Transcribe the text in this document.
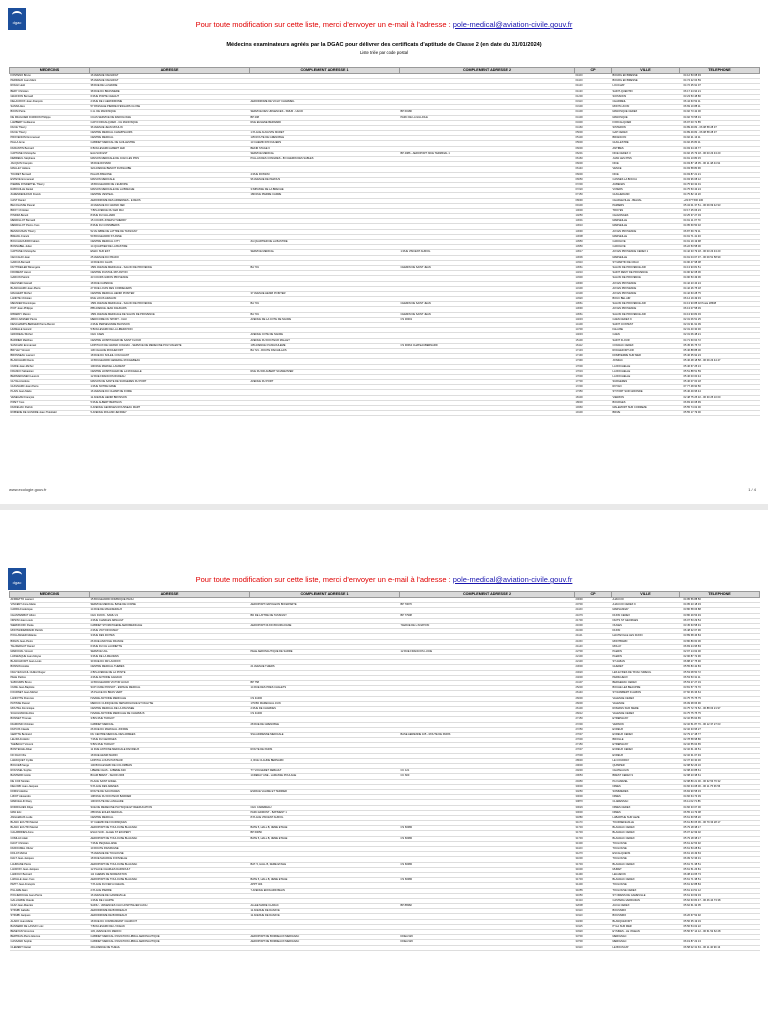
dgac	Pour toute modification sur cette liste, merci d'envoyer un e-mail à l'adresse : pole-medical@aviation-civile.gouv.fr
Médecins examinateurs agréés par la DGAC pour délivrer des certificats d'aptitude de Classe 2 (en date du 31/01/2024)
Liste triée par code postal
MEDECINS	ADRESSE	COMPLEMENT ADRESSE 1	COMPLEMENT ADRESSE 2	CP	VILLE	TELEPHONE
FONTENO Bruno	16 AVENUE VAUGRIGT			01100	BOURG EN BRESSE	04 12 53 08 93
PERRAUD Jean-Marc	35 AVENUE VAUGRIGT			01100	BOURG EN BRESSE	04 74 22 04 59
ROUHI Hedi	38 RUE DE LA MAIRIE			01120	LOUCHAT	04 72 25 91 07
BERY Christian	38 RUE DU BRASSIERE			01130	SAINT-QUENTIN	06 17 24 94 21
GRAFFON Bernard	6 RUE PORTE CHEAUT			01200	SOISSONS	03 23 53 48 80
DELACROIX Jean-François	2 RUE DE L'AERODROME	AERODROME DE VICHY CHARMEIL		03110	CHARMEIL	06 44 63 52 11
SANNA Alex	57 PASSAGE PIERRE D'ESGARS CLOSE			03100	MONTLUCON	06 69 10 88 11
BOOM Petra	C.H. DE MANOSQUE	SERVICE DES URGENCES - SMUR - UHCD	BP 60180	04100	MANOSQUE CEDEX	04 92 73 42 00
DE FRAGUIER D'ARDON Philippe	CCAS SERVICE DE RADIOLOGIE	BP 208	PARC DE LA GILLIOLE	04100	MANOSQUE	04 92 70 58 01
LAMBERT Guillaume	CAPI FORCALQUIER - CH MANOSQUE	RUE EUGENE BERNARD		04300	FORCALQUIER	06 97 03 72 85
DUCE Thierry	36 AVENUE JEAN MOULIN			04160	SISTERON	04 89 49 82 - 06 08 58 28 37
DUCE Thierry	CENTRE MEDICAL CHAMPSAURS	1 PLACE AUGUSTE MURET		05000	GAP CEDEX	04 89 49 82 - 06 08 58 28 37
PROVENCINI Emmanuel	CENTRE MEDICAL	135 ROUTE DE GRENOBLE		05100	BRIANCON	04 92 21 13 11
PALLA Anne	CABINET MEDICAL DE GUILLESTRE	13 CHEMIN D'IFOULIERS		05600	GUILLESTRE	04 92 45 80 11
DURANTIN Bernard	6 BOULEVARD ALBERT 1ER	BEKIR STAGE 6		06000	ANTIBES	04 93 34 46 77
CAPTANE Christophe	EAA SUD EST	SERVICE MEDICAL	BP 4086 - AEROPORT NICE TERMINAL 1	06201	NICE CEDEX 3	04 92 15 79 18 - 06 03 23 43 20
DEBREUIL Stéphane	MAISON MEDICALE DE JUAN LES PINS	PULLAN DES CONGRES - 80 CHEMIN DES SABLES		06160	JUAN LES PINS	04 91 13 80 15
JACQUIN François	38 RUE ROSSINI			06000	NICE	04 93 87 18 05 - 06 11 48 44 91
MAILLEY Hélène	324 AVENUE BENOIT DUSSAUBE			06140	VENCE	04 93 58 80 96
TOURET Bernard	PALAIS BISHONE	4 RUE ROSSINI		06000	NICE	04 93 87 21 21
ESTEVE Emmanuel	MAISON MEDICALE	96 AVENUE DE PEZOUS		06650	CANNES LA BOCCA	04 93 96 08 12
PIERRE D'INDEPTEL Thierry	18 BOULEVARD DE L'EUROPE			07200	AUBENAS	04 75 93 32 01
RABOUILLE Daniel	MAISON MEDICALE DE LA BRECHE	3 IMPASSE DE LA BRECHE		07220	VIVIERS	04 75 53 43 24
ZAZENDENHOUR Franck	CENTRE VESTEAL	180 RUE PIERRE CADRE		07150	GUILHERAND	04 75 82 13 20
CAST Daniel	AERODROME DES ARDENNES - E REOS			08090	CHARLEVILLE - BELVAL	+33 677 500 230
BECOLASSE Pascal	40 AVENUE DU GRAND NEF			09100	PAMIERS	05 34 01 37 51 - 06 09 69 42 93
BROY Christian	7 BIS AVENUE DU 1ER MAI			10000	TROYES	03 17 25 06 23
PINDRA Benoit	8 RUE DU GILLIARD			10250	CHAVANGES	03 25 37 27 03
MENDILLOT Bernard	15 COURS JOSEPH THIERRY			13001	MARSEILLE	04 91 11 37 70
MENDILLOT Pierre-Yves	8 RUE DU CONNIBERIS			13010	MARSEILLE	04 95 60 50 32
BENNOUSAN Thierry	52 AV ABBE DE LATTRE DE TASSIGNY			13090	AIX EN PROVENCE	06 87 69 79 11
BREVAL Franck	50 BOULEVARD ST ANNE			13008	MARSEILLE	04 91 71 41 46
BOUCHAOUDIRI Fabien	CENTRE MEDICAL CITY	ZA QUARTIER DE LA BASTIDE		13950	CADOLIVE	04 91 19 19 98
BONNABEL Julien	14 QUARTIER DE LA BASTIDE			13950	CADOLIVE	06 22 53 58 00
CAPTANE Christophe	EMAC SUD EST	SERVICE MEDICAL	1 RUE VINCENT AURIOL	13617	AIX EN PROVENCE CEDEX 1	04 42 33 79 18 - 06 03 23 43 20
CECCALDI Jean	25 AVENUE DU PRADO			13006	MARSEILLE	04 91 04 07 07 - 06 09 51 58 99
GARCIA Bernard	10 RUE DU GLAIS			13310	ST MARTIN DE CRAU	04 90 47 98 08
DUTTWEILER Bérengère	1581 AVENUE MEDICALE - SALON DE PROVENCE	BA 701	CHEMIN DE SAINT JEAN	13661	SALON DE PROVENCE AIR	04 13 93 81 51
FROMENT Hervé	CENTRE D'ASTAIL RIP ANTON			13210	SAINT REMY DE PROVENCE	04 90 92 08 06
GARCIN Patrick	43 COURS GIMON PROVENCE			13300	SALON DE PROVENCE	04 90 53 49 06
DELISSEN Gérard	18 RUE CAPENCE			13090	AIX EN PROVENCE	04 42 23 43 24
BLANCHARD Jean-Pierre	27 RUE LOUIS DES CORDELIERS			13100	AIX EN PROVENCE	04 42 26 75 18
MACHERT Michel	CENTRE MEDICAL HENRI POINTER	37 AVENUE HENRI POINTER		13100	AIX EN PROVENCE	04 42 63 28 75
LANDTE Christian	RUE LOUIS ARAGON			13320	BOUC BEL AIR	06 14 19 49 33
MEUNIER Dominique	1581 AVENUE MEDICALE - SALON DE PROVENCE	BA 701	CHEMIN DE SAINT JEAN	13661	SALON DE PROVENCE AIR	04 13 93 88 02 Poste 28608
PIOT Jean-Philippe	885 AVENUE JEAN DAUDARS			13090	AIX EN PROVENCE	06 13 07 58 39
RIBARDY Marion	1581 AVENUE MEDICALE DE SALON DE PROVENCE	BA 701	CHEMIN DE SAINT JEAN	13661	SALON DE PROVENCE AIR	04 13 93 82 03
ABOU-NASSER Pierre	MEDICOME DU SPORT - CHU	AVENUE DE LA COTE DE NACRE	CS 30001	14033	CAEN CEDEX 9	02 31 06 51 25
DESCHAMPS-BERGER Pierre-Benoit	2 RUE PERSEVANDE BLOSSON			14100	SAINT CONTEST	02 31 91 91 09
HURELLE Gérard	5 BOULEVARD DE LA LIBERATION			14700	FALAISE	02 31 40 30 30
GIRODEAU Michel	CHU CAEN	AVENUE COTE DE NACRE		14033	CAEN	02 31 06 48 21
BARRIER Matthieu	CENTRE HOSPITALIER DE SAINT FLOUR	AVENUE DU DOCTEUR MALLET		15100	SAINT FLOUR	04 71 60 64 72
SANCHAK Emmanuel	HOPITAUX DE GRAND COGNAC - SERVICE DE MEDECINE POLYVALENTE	105 AVENUE D'ANGOULEME	CS 90064 CHATEAUBERNARD	16112	COGNAC CEDEX	05 45 36 75 72
BRYLEY Vincent	130 CHALDE ROCHEFORT	BA 721 - ROUTE D'ECHILLAIS		17133	ROCHEFORT AIR	05 46 88 88 00
BRONNEAU Laurent	18 RUE DU SOLEIL COUCHANT			17190	DOMPIERRE SUR MER	05 46 35 92 23
BLANCHARD Denis	10 BOULEVARD GENERAL ROCHEBEAU			17390	JONZAC	05 46 48 18 58 - 06 09 23 44 47
CURIE Jean-Michel	100 RUE MARCEL LAURENT			17000	LA ROCHELLE	05 46 67 25 13
FRANCO Sébastien	CENTRE HOSPITALIER DE LA ROCHELLE	RUE DU DR ALBERT SCHWEITZER		17019	LA ROCHELLE	05 51 88 51 59
BERNADIGNEN Laurent	12 RUE FRANCOIS RUDEAU			17000	LA ROCHELLE	05 46 03 00 44
GUYALA Hélène	MAISON DE SANTE DE SURGERES DU PORT	AVENUE DU PORT		17700	SURGERES	05 46 07 00 18
GUIGNARD Jean-Pierre	1 RUE NOTRE DAME			17200	ROYAN	07 77 48 90 50
PLAIN Jean-Marie	16 AVENUE DU CHAMP DE FOIRE			17350	ST PORT SUR GIRONDE	05 46 49 95 44
VENEGAM François	11 AVENUE HENRI BROSSON			18100	VIERZON	02 48 75 25 32 - 06 30 25 10 00
PIPET Yves	5 RUE ALBERT BERTHUS			18000	BOURGES	06 83 20 08 99
DURIEUAC Patrick	6 AVENUE GEORGES ROUSSEAU MART			19360	MALEMORT SUR CORREZE	05 55 74 02 00
ROBIENE DE GUNDRE Jean-Théobald	5 AVENUE ROLAND JEFFREY			19100	BRIVE	05 55 17 79 00
www.ecologie.gouv.fr	1 / 4
dgac	Pour toute modification sur cette liste, merci d'envoyer un e-mail à l'adresse : pole-medical@aviation-civile.gouv.fr
MEDECINS	ADRESSE	COMPLEMENT ADRESSE 1	COMPLEMENT ADRESSE 2	CP	VILLE	TELEPHONE
AFFRETTO Laurent	15 BOULEVARD DOMINIQUE PAOLI			20090	AJACCIO	04 95 56 88 50
VINCENT Anne-Marie	SERVICE MEDICAL BASE DE CORSE	AEROPORT NAPOLEON BONAPARTE	BP 70076	20700	AJACCIO CEDEX 9	04 95 23 18 33
CARRA Frederique	14 RUE DE MAGNIERAUX			21160	MARSANNAY	03 80 58 06 88
CHANTEMBUT Albon	CHU DIJON - SAMU 21	BD DE LATTRE DE TASSIGNY	BP 77908	21079	DIJON CEDEX	03 80 29 53 49
ORSINI Jean-Louis	4 RUE CHARLES ARNAULT			21700	NUITS ST GEORGES	06 07 53 29 54
WERNIKOFF Paola	CABINET STOMATIGENE AEROMEDICALE	AEROPORT DIJON BOURGOGNE	71ERUE DE L'AVIATION	21600	OUGES	03 45 63 58 91
MONTANDEBRAND Patrick	2 RUE VICTOR DUMAY			21000	DIJON	06 48 32 07 96
POULANGER Mélanie	3 RUE DES ROITES			21121	HAUTEVILLE LES DIJON	03 89 68 46 84
BIRLIN Jean-Pierre	26 RUE ANATOLE FRANCE			21150	MONTBARD	03 80 89 60 06
TALIFERGUT Daniel	6 RUE DU CH LAURIETTE			21140	MOLAY	06 83 24 95 83
MARIOVAL Vincent	SERVICE UGL	PELE AERONAUTIQUE DE SARRE	12 RUE FRANCOIS LUCIE	22700	PLERIN	02 97 14 62 00
LASSESQUE Jean-Moyse	3 RUE DE LA MEURAIS			22100	PLERIN	02 96 87 72 96
BLANCHFORT Jean-Louis	30 RUE DU DR LACROIX			22130	ST ALBAN	06 88 27 75 90
BONNIN Amélie	CENTRE MEDICAL THEBES	21 AVENUE THIERS		23000	GUERET	05 55 83 42 83
NGUYEN HOJL CHIEU Roger	2 BIS AVENUE DE LA POSTE			24620	LES EYZIES DE TAYAC SIREUIL	05 53 08 50 72
PELE Patrice	4 RUE ANTOINE GADAUD			24000	PERIGUEUX	06 53 53 31 11
SABOURIN Bruno	13 BOULEVARD VICTOR HUGO	BP 758		24107	BERGERAC CEDEX	05 53 27 27 19
CURE Jean-Baptiste	SCP CURE PONSOT - ESPACE MEDICAL	14 RUE DES PRES CHALETS		25200	BOCHE LEZ BEAUPRE	03 81 57 73 70
FOURNET Jean-Michel	15 PLACE DU BRAS VERT			26140	ST RAMBERT D ALBON	07 60 36 36 64
LANIOTTE Florence	ISSANE ANTOINE MEDICALE	CS 41000		26000	VALENCE CEDEX	04 75 75 75 75
PATISSE Pascal	MEDIUC CLINIQUE DE NEPHROLOGIE ET DIALYSE	179 BD MARECHAL JUIN		26000	VALENCE	06 09 38 66 96
MOUTEL Dominique	CENTRE MEDICAL DE LA PAUSSEE	2 RUE DE CHARDES		26100	ROMANS SUR ISERE	04 75 72 73 52 - 06 88 03 21 97
SCHULVANCE Alice	ISSANE ANTOINE MEDICALE DE CHARMLIS	CS 41000		26012	VALENCE CEDEX	04 75 75 75 75
BONNET Thomas	3 BIS RUE TURGOT			27150	ETREPAGNY	02 32 55 64 65
DIAMOND Christian	CABINET MEDICAL	28 RUE DE GRENOBLE		27200	VERNON	02 32 51 87 76 - 06 12 37 27 03
DUPUIS Claude	26 RUE DU MARCHAL JOFFRE			27250	EVREUX	02 32 33 95 27
GERTTE Bertrand	DU CENTRE MEDICAL DES ARMEES	SSA ADRIENNE MEDICALE	BASE AERIENNE 105 - ROUTE DE PARIS	27037	EVREUX CEDEX	02 79 17 48 77
LELIRA Frédéric	7 RUE DU GEORGES			27000	BRIOLLE	02 78 58 98 86
THEBAULT Vincent	5 BIS RUE TURGOT			27150	ETREPAGNY	02 32 55 64 65
BONTECHE Alban	11 RUE ANTOINE MEDICALE D'EVREUX	ROUTE DE PARIS		27037	EVREUX CEDEX	02 32 61 46 51
NO DAO Nhu	18 RUE HENRI MARIN			27000	EVREUX	02 32 31 07 49
LARAIQUET Cyrille	HOPITAL LOUIS PASTEUR	4, RUE CLAUDE BERNARD		28630	LE COUDRAY	02 37 30 30 30
BOUCEB Serge	146 BOULEVARD DE COLOMBIAN			29000	QUIMPER	02 98 52 26 16
ROUSSEL Sophie	LIBERE CHAS - 12BEME ASK	TY VOUGERET DEBAULT	CC 121	29230	CHATEAULIN	02 98 40 88 61
BANTERR Cécile	BCAM BREST - SHOW 2006	1CRENAY ANE - LAMASSE POULAGE	CC 600	29653	BREST CEDEX 9	02 98 23 38 61
DE COZ Nicolas	PLACE SAINT ANGEL			29450	PLOUARZEL	02 98 80 21 00 - 06 32 53 76 32
DELORD Jean-Jacques	5 PLACE DES ARENES			30000	NIMES	04 66 34 08 00 - 06 11 75 36 56
DORIZ Adeline	ROUTE DE SAUVIGNES	ESPACE VALIME ET TERRIER		30250	SOMMIERES	06 84 90 58 33
LIZOIT Alexandre	108 RUE DU DOCTEUR BARDIER			30000	NIMES	04 66 64 73 39
MARCELLIN Davy	100 ROUTE DE LANGLADE			30870	CLARENSAC	06 11 62 72 86
RODRIGUES Filipe	SCE DE MEDECINE PHYSIQUE ET REEDUCATION	CHU CAREMEAU		30029	NIMES CEDEX	04 66 33 07 00
MAN Eric	285 RUE EOLES MEDICAL	PARC EDMONT - BATIMENT 1		30000	NIMES	06 55 14 79 08
ANGLERAIS Ludie	CENTRE MEDICAL	8 PLACE VINCENT AURIOL		31880	LABARTHE SUR LEZE	05 61 60 58 20
BLANC ECUTIN Marcel	37 CHEMIN DE FOURNIQUES			31170	TOURNEFEUILLE	05 61 83 05 06 - 06 79 33 28 17
BLANC ECUTIN Marcel	AEROPORT DE TOULOUSE BLAGNAC	BATE 5, HALL B, 3EME ETAGE	CS 60080	31703	BLAGNAC CEDEX	05 79 18 38 17
CALABRINES Anne	ESAC SUD - ALLEE ST EXUPERY	BP 60050		31703	BLAGNAC CEDEX	05 07 22 99 02
COMLAC Alain	AEROPORT DE TOULOUSE BLAGNAC	BATE 5, HALL B, 3EME ETAGE	CS 60080	31703	BLAGNAC CEDEX	05 79 18 38 17
DAUT Christian	7 RUE PEQUELLAINE			31300	TOULOUSE	05 61 42 53 92
DUROUMEL Olivier	10 ROUTE D'ESPAGNE			31100	TOULOUSE	05 61 53 28 81
DOLAT Michel	75 AVENUE DE TOULOUSE			31270	ESCALQUENS	06 61 19 49 63
DALT Jean-Jacques	18 RUE MAURICE FONVIELLE			31000	TOULOUSE	06 09 72 36 31
LAURIANE Pierre	AEROPORT DE TOULOUSE BLAGNAC	BAT. 5, HALL B, 3EME ETAGE	CS 60080	31703	BLAGNAC CEDEX	05 61 71 38 51
LACROIX Jean-Jacques	12 PLACE CHARLES DARNOULT			31600	MURET	05 61 51 26 81
LADIOUX Bernard	1/2 CHEMIN DE MORESSTON			31490	LEGUEVIN	06 38 24 65 73
LAPALLE Jean-Yves	AEROPORT DE TOULOUSE BLAGNAC	BATE 5, HALL B, 3EME ETAGE	CS 60080	31703	BLAGNAC CEDEX	05 61 71 38 51
PETIT Jean-François	7 PLACE DU FER A CHEVAL	APPT 404		31400	TOULOUSE	05 61 32 88 84
PILLARE Alain	2 PLACE PIERRE	7 AVENUE EDOUARD BELIN		31055	TOULOUSE CEDEX	05 61 24 51 12
POUJEROULE Jean-Pierre	16 AVENUE DE GANREVILLE			31650	ST ORENS DE GAMEVILLE	05 61 33 69 33
GALLIARDE Claude	1 RUE DE L'HARTE			31310	CASTERA-VERDUZAN	05 62 63 84 47 - 06 46 44 73 38
GUIZ Jean-Maurice	SAINU - URGENCES CHU HOSPITALIER AUCH	ALLEE MARIE CLARAC	BP 88382	32008	AUCH CEDEX	05 62 61 32 05
STRUBI Isabelle	AERODROME DE BORDEAUX	11 AVENUE DE DANAYE		33110	BOUSSIRO	
STRUBI Jacques	AERODROME DE BORDEAUX	11 AVENUE DE DANAYE		33110	BOUSSIRO	06 26 67 52 92
ALADO Jean-Marie	18 RUE DU COMMANDANT CHARCOT			33290	BLANQUEFORT	05 56 35 19 19
BANSERR DE LASSAY Loic	7 BOULEVARD DE L'OCEAN			33115	PYLA SUR MER	05 56 54 02 22
BENEYAN Vincenne	133, AVENUE DU MEDOC			33320	EYSINES - LE VIGEAN	05 56 57 14 12 - 06 61 52 62 28
BERTRAN-Pierre Etienne	CABINET MEDICAL D'AVIATION LIBRAL AERONAUTIQUE	AEROPORT DE BORDEAUX MERIGNAC	DOEA 926	33700	MERIGNAC	
CASSAND Sophie	CABINET MEDICAL D'AVIATION LIBRAL AERONAUTIQUE	AEROPORT DE BORDEAUX MERIGNAC	DOEA 926	33700	MERIGNAC	06 19 87 22 13
CLEMENT Daniel	291 AVENUE DE THIEUL			33110	LE BOUSCAT	06 58 02 31 63 - 06 11 40 99 13
